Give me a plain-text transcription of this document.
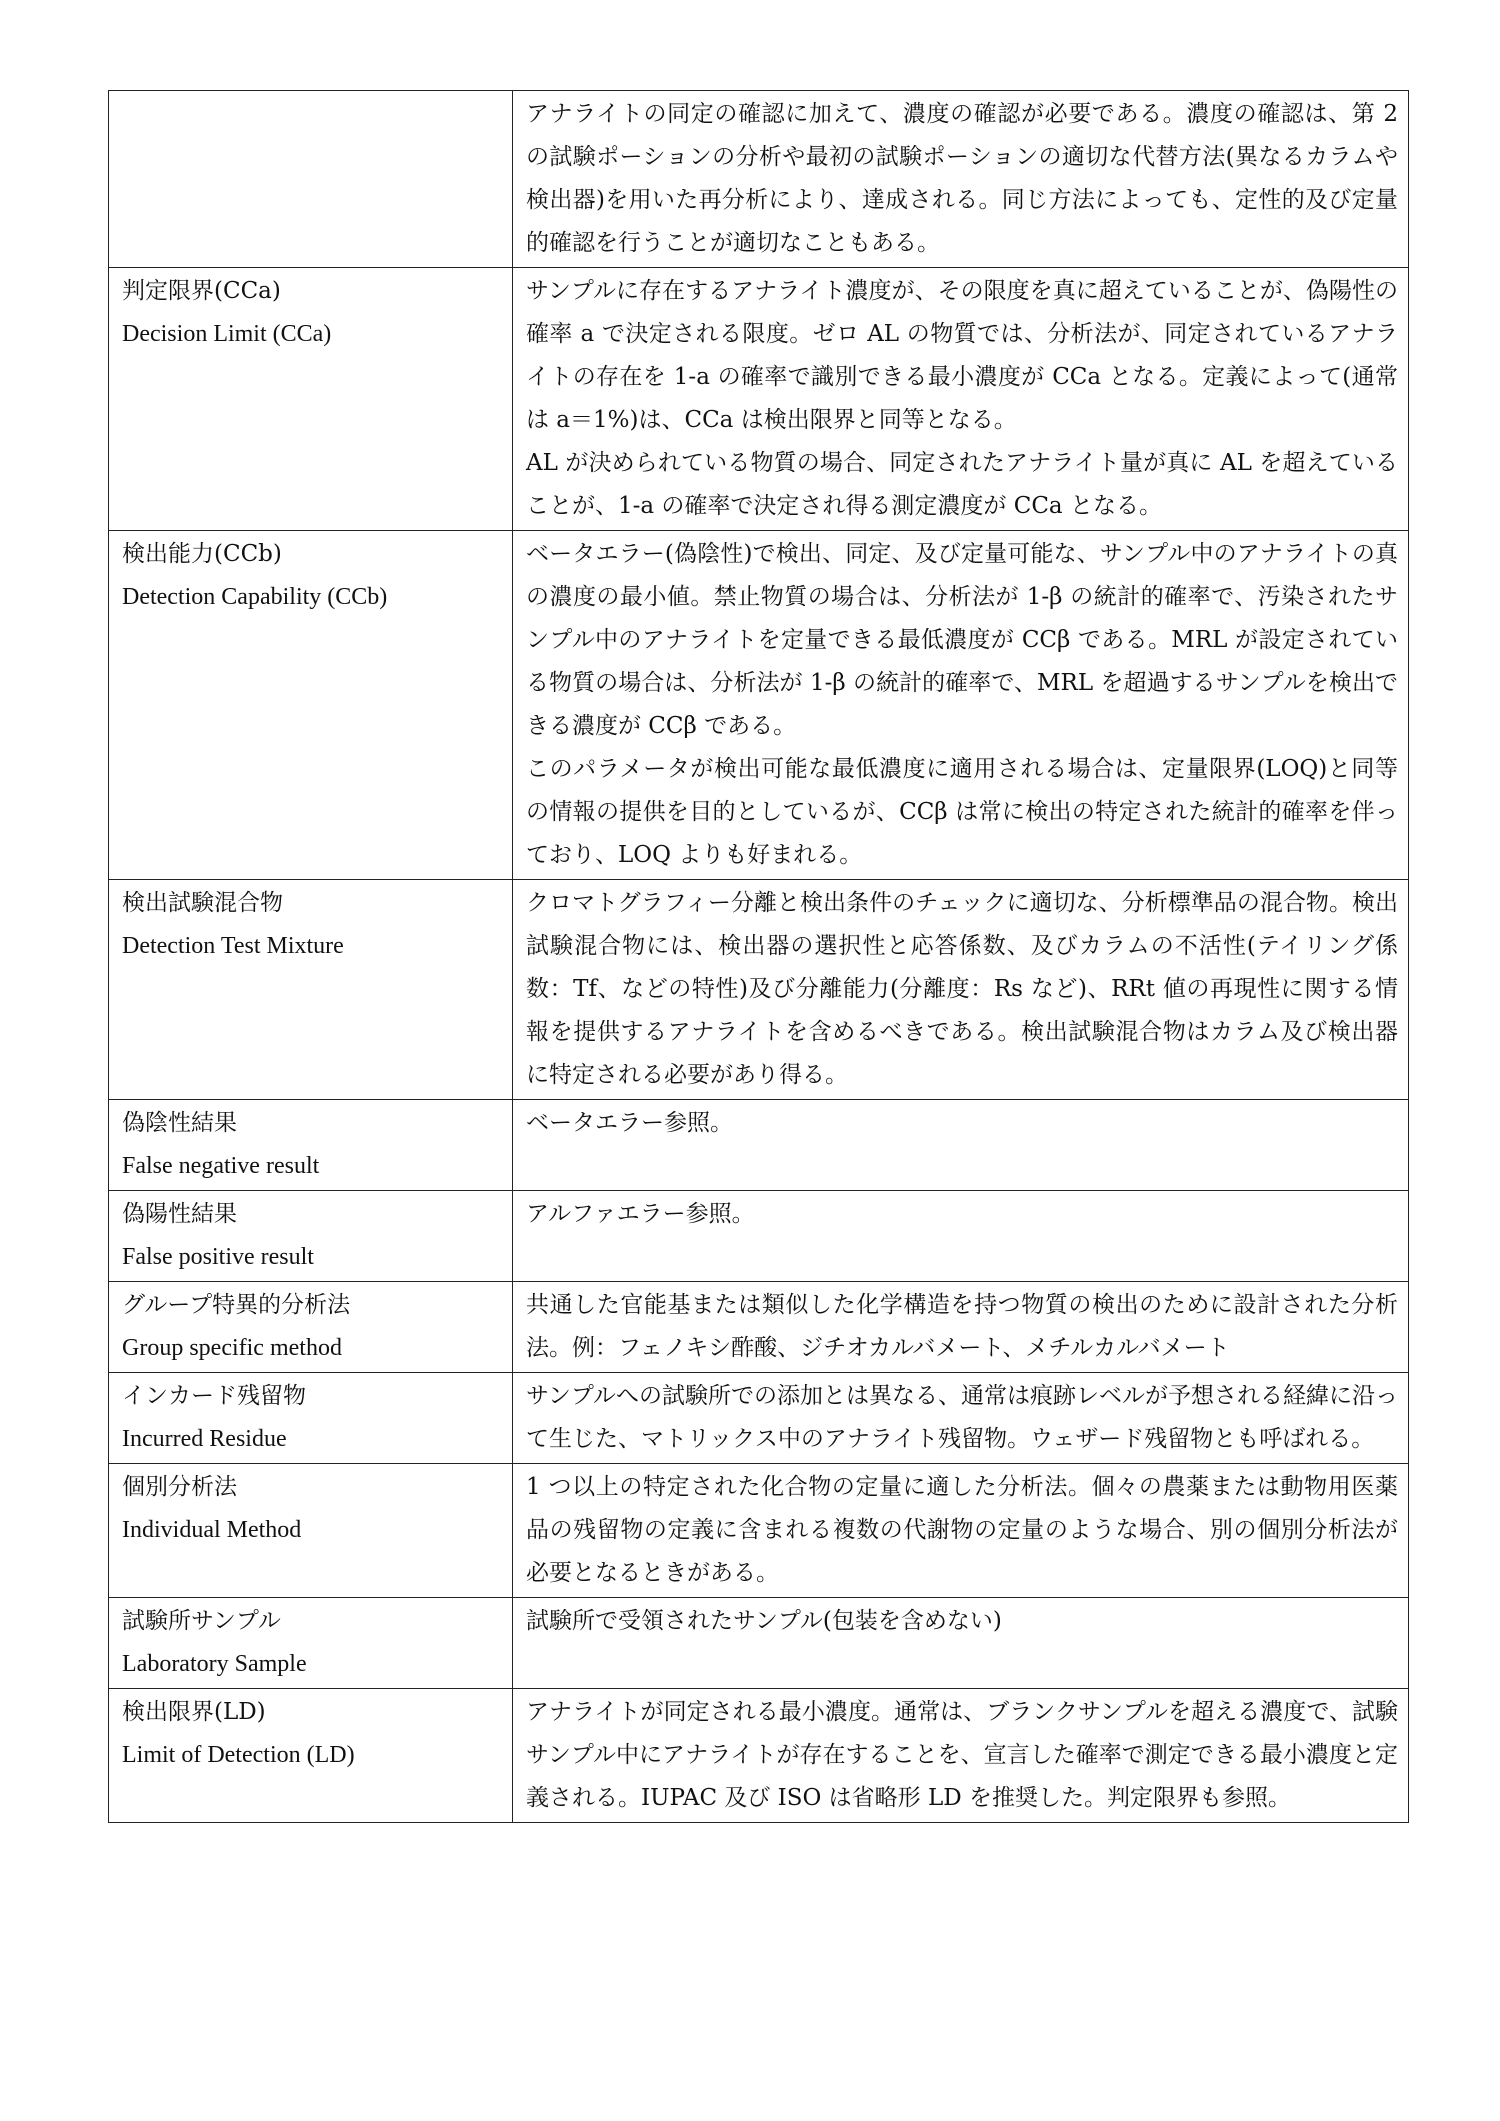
	アナライトの同定の確認に加えて、濃度の確認が必要である。濃度の確認は、第 2 の試験ポーションの分析や最初の試験ポーションの適切な代替方法(異なるカラムや検出器)を用いた再分析により、達成される。同じ方法によっても、定性的及び定量的確認を行うことが適切なこともある。

判定限界(CCa)
Decision Limit (CCa)	サンプルに存在するアナライト濃度が、その限度を真に超えていることが、偽陽性の確率 a で決定される限度。ゼロ AL の物質では、分析法が、同定されているアナライトの存在を 1-a の確率で識別できる最小濃度が CCa となる。定義によって(通常は a＝1%)は、CCa は検出限界と同等となる。
AL が決められている物質の場合、同定されたアナライト量が真に AL を超えていることが、1-a の確率で決定され得る測定濃度が CCa となる。

検出能力(CCb)
Detection Capability (CCb)	ベータエラー(偽陰性)で検出、同定、及び定量可能な、サンプル中のアナライトの真の濃度の最小値。禁止物質の場合は、分析法が 1-β の統計的確率で、汚染されたサンプル中のアナライトを定量できる最低濃度が CCβ である。MRL が設定されている物質の場合は、分析法が 1-β の統計的確率で、MRL を超過するサンプルを検出できる濃度が CCβ である。
このパラメータが検出可能な最低濃度に適用される場合は、定量限界(LOQ)と同等の情報の提供を目的としているが、CCβ は常に検出の特定された統計的確率を伴っており、LOQ よりも好まれる。

検出試験混合物
Detection Test Mixture	クロマトグラフィー分離と検出条件のチェックに適切な、分析標準品の混合物。検出試験混合物には、検出器の選択性と応答係数、及びカラムの不活性(テイリング係数：Tf、などの特性)及び分離能力(分離度：Rs など)、RRt 値の再現性に関する情報を提供するアナライトを含めるべきである。検出試験混合物はカラム及び検出器に特定される必要があり得る。

偽陰性結果
False negative result	ベータエラー参照。

偽陽性結果
False positive result	アルファエラー参照。

グループ特異的分析法
Group specific method	共通した官能基または類似した化学構造を持つ物質の検出のために設計された分析法。例：フェノキシ酢酸、ジチオカルバメート、メチルカルバメート

インカード残留物
Incurred Residue	サンプルへの試験所での添加とは異なる、通常は痕跡レベルが予想される経緯に沿って生じた、マトリックス中のアナライト残留物。ウェザード残留物とも呼ばれる。

個別分析法
Individual Method	1 つ以上の特定された化合物の定量に適した分析法。個々の農薬または動物用医薬品の残留物の定義に含まれる複数の代謝物の定量のような場合、別の個別分析法が必要となるときがある。

試験所サンプル
Laboratory Sample	試験所で受領されたサンプル(包装を含めない)

検出限界(LD)
Limit of Detection (LD)	アナライトが同定される最小濃度。通常は、ブランクサンプルを超える濃度で、試験サンプル中にアナライトが存在することを、宣言した確率で測定できる最小濃度と定義される。IUPAC 及び ISO は省略形 LD を推奨した。判定限界も参照。
